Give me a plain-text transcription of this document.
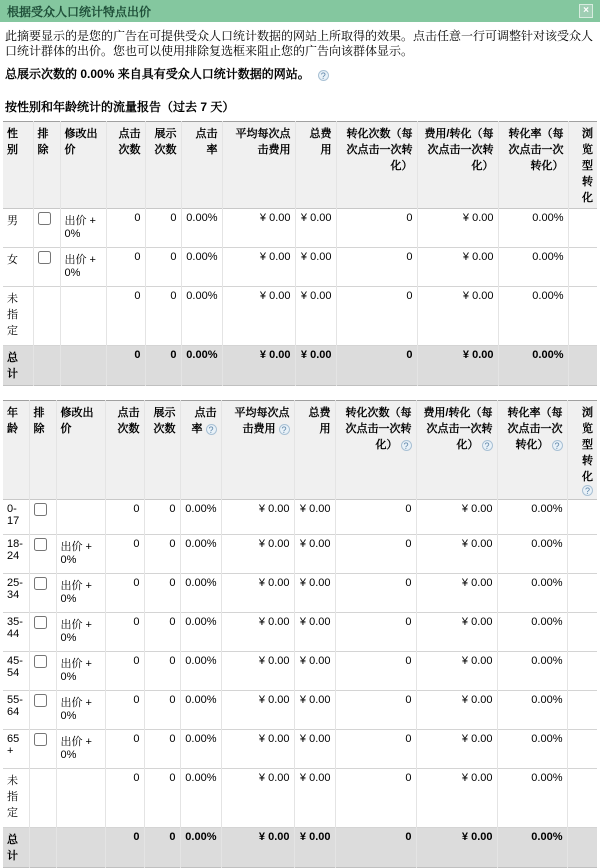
根据受众人口统计特点出价	×

此摘要显示的是您的广告在可提供受众人口统计数据的网站上所取得的效果。点击任意一行可调整针对该受众人口统计群体的出价。您也可以使用排除复选框来阻止您的广告向该群体显示。

总展示次数的 0.00% 来自具有受众人口统计数据的网站。 ?

按性别和年龄统计的流量报告（过去 7 天）

性别	排除	修改出价	点击次数	展示次数	点击率	平均每次点击费用	总费用	转化次数（每次点击一次转化）	费用/转化（每次点击一次转化）	转化率（每次点击一次转化）	浏览型转化
男		出价 + 0%	0	0	0.00%	¥ 0.00	¥ 0.00	0	¥ 0.00	0.00%	
女		出价 + 0%	0	0	0.00%	¥ 0.00	¥ 0.00	0	¥ 0.00	0.00%	
未指定			0	0	0.00%	¥ 0.00	¥ 0.00	0	¥ 0.00	0.00%	
总计			0	0	0.00%	¥ 0.00	¥ 0.00	0	¥ 0.00	0.00%	
年龄	排除	修改出价	点击次数	展示次数	点击率 ?	平均每次点击费用 ?	总费用	转化次数（每次点击一次转化） ?	费用/转化（每次点击一次转化） ?	转化率（每次点击一次转化） ?	浏览型转化?
0-17			0	0	0.00%	¥ 0.00	¥ 0.00	0	¥ 0.00	0.00%	
18-24		出价 + 0%	0	0	0.00%	¥ 0.00	¥ 0.00	0	¥ 0.00	0.00%	
25-34		出价 + 0%	0	0	0.00%	¥ 0.00	¥ 0.00	0	¥ 0.00	0.00%	
35-44		出价 + 0%	0	0	0.00%	¥ 0.00	¥ 0.00	0	¥ 0.00	0.00%	
45-54		出价 + 0%	0	0	0.00%	¥ 0.00	¥ 0.00	0	¥ 0.00	0.00%	
55-64		出价 + 0%	0	0	0.00%	¥ 0.00	¥ 0.00	0	¥ 0.00	0.00%	
65+		出价 + 0%	0	0	0.00%	¥ 0.00	¥ 0.00	0	¥ 0.00	0.00%	
未指定			0	0	0.00%	¥ 0.00	¥ 0.00	0	¥ 0.00	0.00%	
总计			0	0	0.00%	¥ 0.00	¥ 0.00	0	¥ 0.00	0.00%	
